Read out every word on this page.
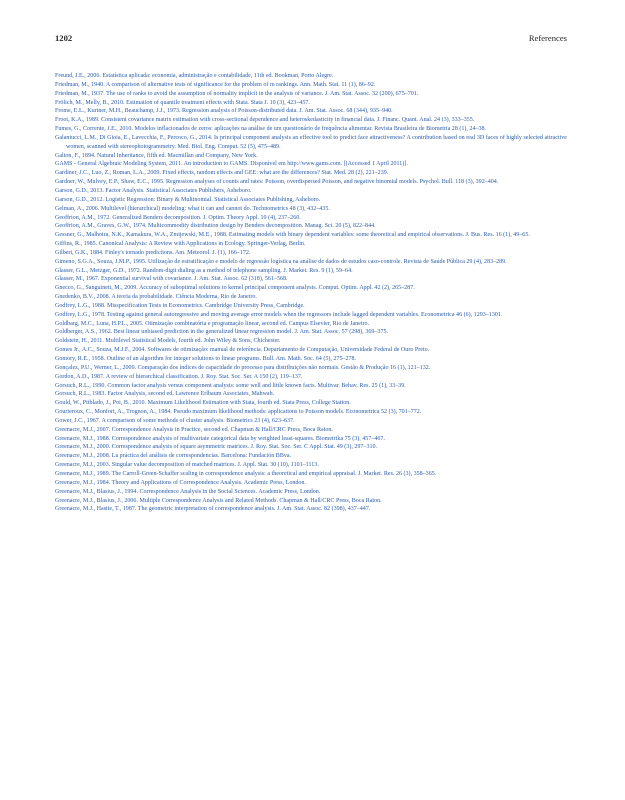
1202	References

Freund, J.E., 2006. Estatística aplicada: economia, administração e contabilidade, 11th ed. Bookman, Porto Alegre.

Friedman, M., 1940. A comparison of alternative tests of significance for the problem of m rankings. Ann. Math. Stat. 11 (1), 86–92.

Friedman, M., 1937. The use of ranks to avoid the assumption of normality implicit in the analysis of variance. J. Am. Stat. Assoc. 32 (200), 675–701.

Frölich, M., Melly, B., 2010. Estimation of quantile treatment effects with Stata. Stata J. 10 (3), 423–457.

Frome, E.L., Kurtner, M.H., Beauchamp, J.J., 1973. Regression analysis of Poisson-distributed data. J. Am. Stat. Assoc. 68 (344), 935–940.

Froot, K.A., 1989. Consistent covariance matrix estimation with cross-sectional dependence and heteroskedasticity in financial data. J. Financ. Quant. Anal. 24 (3), 333–355.

Fumes, G., Corrente, J.E., 2010. Modelos inflacionados de zeros: aplicações na análise de um questionário de frequência alimentar. Revista Brasileira de Biometria 28 (1), 24–38.

Galantucci, L.M., Di Gioia, E., Lavecchia, F., Percoco, G., 2014. Is principal component analysis an effective tool to predict face attractiveness? A contribution based on real 3D faces of highly selected attractive women, scanned with stereophotogrammetry. Med. Biol. Eng. Comput. 52 (5), 475–489.

Galton, F., 1894. Natural Inheritance, fifth ed. Macmillan and Company, New York.

GAMS - General Algebraic Modeling System, 2011. An introduction to GAMS. Disponível em http://www.gams.com. [(Accessed 1 April 2011)].

Gardiner, J.C., Luo, Z., Roman, L.A., 2009. Fixed effects, random effects and GEE: what are the differences? Stat. Med. 28 (2), 221–239.

Gardner, W., Mulvey, E.P., Shaw, E.C., 1995. Regression analyses of counts and rates: Poisson, overdispersed Poisson, and negative binomial models. Psychol. Bull. 118 (3), 392–404.

Garson, G.D., 2013. Factor Analysis. Statistical Associates Publishers, Asheboro.

Garson, G.D., 2012. Logistic Regression: Binary & Multinomial. Statistical Associates Publishing, Asheboro.

Gelman, A., 2006. Multilevel (hierarchical) modeling: what it can and cannot do. Technometrics 48 (3), 432–435.

Geoffrion, A.M., 1972. Generalized Benders decomposition. J. Optim. Theory Appl. 10 (4), 237–260.

Geoffrion, A.M., Graves, G.W., 1974. Multicommodity distribution design by Benders decomposition. Manag. Sci. 20 (5), 822–844.

Gessner, G., Malhotra, N.K., Kamakura, W.A., Zmijewski, M.E., 1988. Estimating models with binary dependent variables: some theoretical and empirical observations. J. Bus. Res. 16 (1), 49–65.

Giffins, R., 1985. Canonical Analysis: A Review with Applications in Ecology. Springer-Verlag, Berlin.

Gilbert, G.K., 1884. Finley's tornado predictions. Am. Meteorol. J. (1), 166–172.

Gimeno, S.G.A., Souza, J.M.P., 1995. Utilização de estratificação e modelo de regressão logística na análise de dados de estudos caso-controle. Revista de Saúde Pública 29 (4), 283–289.

Glasser, G.L., Metzger, G.D., 1972. Random-digit dialing as a method of telephone sampling. J. Market. Res. 9 (1), 59–64.

Glasser, M., 1967. Exponential survival with covariance. J. Am. Stat. Assoc. 62 (318), 561–568.

Gnecco, G., Sanguineti, M., 2009. Accuracy of suboptimal solutions to kernel principal component analysis. Comput. Optim. Appl. 42 (2), 265–287.

Gnedenko, B.V., 2008. A teoria da probabilidade. Ciência Moderna, Rio de Janeiro.

Godfrey, L.G., 1988. Misspecification Tests in Econometrics. Cambridge University Press, Cambridge.

Godfrey, L.G., 1978. Testing against general autoregressive and moving average error models when the regressors include lagged dependent variables. Econometrica 46 (6), 1293–1301.

Goldbarg, M.C., Luna, H.P.L., 2005. Otimização combinatória e programação linear, second ed. Campus Elsevier, Rio de Janeiro.

Goldberger, A.S., 1962. Best linear unbiased prediction in the generalized linear regression model. J. Am. Stat. Assoc. 57 (298), 369–375.

Goldstein, H., 2011. Multilevel Statistical Models, fourth ed. John Wiley & Sons, Chichester.

Gomes Jr., A.C., Souza, M.J.F., 2004. Softwares de otimização: manual de referência. Departamento de Computação, Universidade Federal de Ouro Preto.

Gomory, R.E., 1958. Outline of an algorithm for integer solutions to linear programs. Bull. Am. Math. Soc. 64 (5), 275–278.

Gonçalez, P.U., Werner, L., 2009. Comparação dos índices de capacidade do processo para distribuições não normais. Gestão & Produção 16 (1), 121–132.

Gordon, A.D., 1987. A review of hierarchical classification. J. Roy. Stat. Soc. Ser. A 150 (2), 119–137.

Gorsuch, R.L., 1990. Common factor analysis versus component analysis: some well and little known facts. Multivar. Behav. Res. 25 (1), 33–39.

Gorsuch, R.L., 1983. Factor Analysis, second ed. Lawrence Erlbaum Associates, Mahwah.

Gould, W., Pitblado, J., Poi, B., 2010. Maximum Likelihood Estimation with Stata, fourth ed. Stata Press, College Station.

Gourieroux, C., Monfort, A., Trognon, A., 1984. Pseudo maximum likelihood methods: applications to Poisson models. Econometrica 52 (3), 701–772.

Gower, J.C., 1967. A comparison of some methods of cluster analysis. Biometrics 23 (4), 623–637.

Greenacre, M.J., 2007. Correspondence Analysis in Practice, second ed. Chapman & Hall/CRC Press, Boca Raton.

Greenacre, M.J., 1988. Correspondence analysis of multivariate categorical data by weighted least-squares. Biometrika 75 (3), 457–467.

Greenacre, M.J., 2000. Correspondence analysis of square asymmetric matrices. J. Roy. Stat. Soc. Ser. C Appl. Stat. 49 (3), 297–310.

Greenacre, M.J., 2008. La práctica del análisis de correspondencias. Barcelona: Fundación BBva.

Greenacre, M.J., 2003. Singular value decomposition of matched matrices. J. Appl. Stat. 30 (10), 1101–1113.

Greenacre, M.J., 1989. The Carroll-Green-Schaffer scaling in correspondence analysis: a theoretical and empirical appraisal. J. Market. Res. 26 (3), 358–365.

Greenacre, M.J., 1984. Theory and Applications of Correspondence Analysis. Academic Press, London.

Greenacre, M.J., Blasius, J., 1994. Correspondence Analysis in the Social Sciences. Academic Press, London.

Greenacre, M.J., Blasius, J., 2006. Multiple Correspondence Analysis and Related Methods. Chapman & Hall/CRC Press, Boca Raton.

Greenacre, M.J., Hastie, T., 1987. The geometric interpretation of correspondence analysis. J. Am. Stat. Assoc. 82 (398), 437–447.
